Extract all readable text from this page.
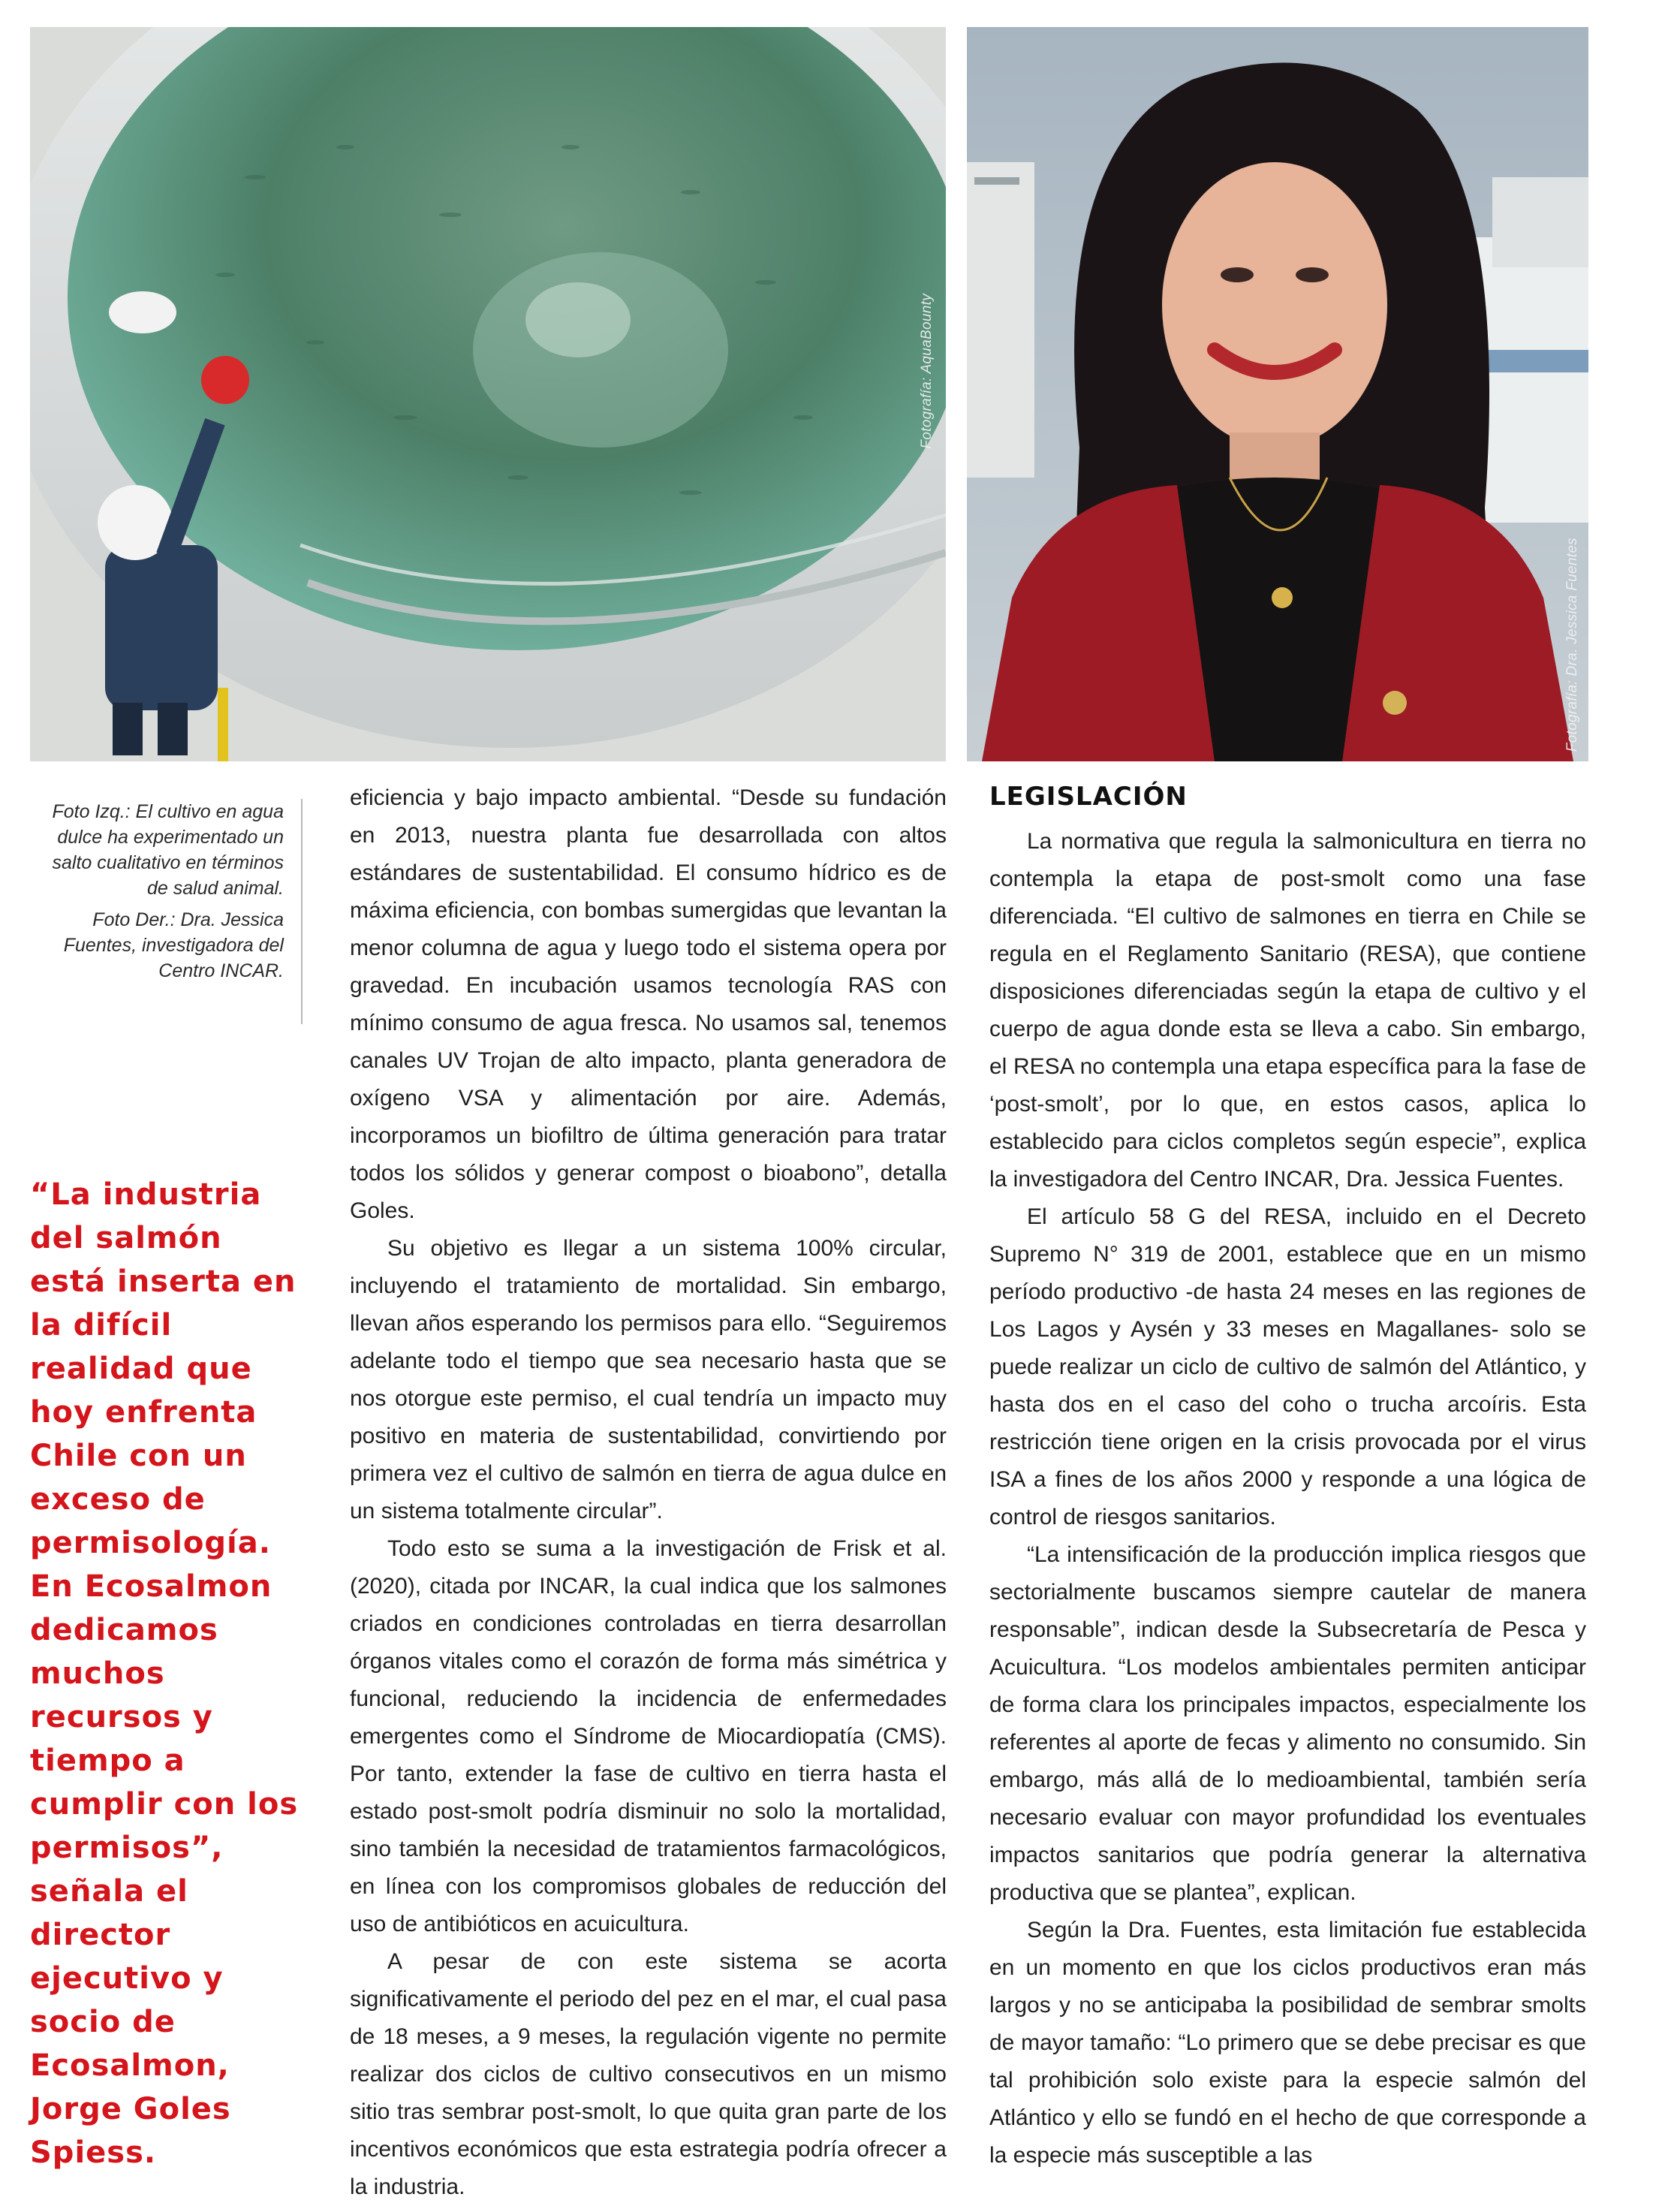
Fotografía: AquaBounty
Fotografía: Dra. Jessica Fuentes

Foto Izq.: El cultivo en agua dulce ha experimentado un salto cualitativo en términos de salud animal.

Foto Der.: Dra. Jessica Fuentes, investigadora del Centro INCAR.

“La industria del salmón está inserta en la difícil realidad que hoy enfrenta Chile con un exceso de permisología. En Ecosalmon dedicamos muchos recursos y tiempo a cumplir con los permisos”, señala el director ejecutivo y socio de Ecosalmon, Jorge Goles Spiess.

eficiencia y bajo impacto ambiental. “Desde su fundación en 2013, nuestra planta fue desarrollada con altos estándares de sustentabilidad. El consumo hídrico es de máxima eficiencia, con bombas sumergidas que levantan la menor columna de agua y luego todo el sistema opera por gravedad. En incubación usamos tecnología RAS con mínimo consumo de agua fresca. No usamos sal, tenemos canales UV Trojan de alto impacto, planta generadora de oxígeno VSA y alimentación por aire. Además, incorporamos un biofiltro de última generación para tratar todos los sólidos y generar compost o bioabono”, detalla Goles.

Su objetivo es llegar a un sistema 100% circular, incluyendo el tratamiento de mortalidad. Sin embargo, llevan años esperando los permisos para ello. “Seguiremos adelante todo el tiempo que sea necesario hasta que se nos otorgue este permiso, el cual tendría un impacto muy positivo en materia de sustentabilidad, convirtiendo por primera vez el cultivo de salmón en tierra de agua dulce en un sistema totalmente circular”.

Todo esto se suma a la investigación de Frisk et al. (2020), citada por INCAR, la cual indica que los salmones criados en condiciones controladas en tierra desarrollan órganos vitales como el corazón de forma más simétrica y funcional, reduciendo la incidencia de enfermedades emergentes como el Síndrome de Miocardiopatía (CMS). Por tanto, extender la fase de cultivo en tierra hasta el estado post-smolt podría disminuir no solo la mortalidad, sino también la necesidad de tratamientos farmacológicos, en línea con los compromisos globales de reducción del uso de antibióticos en acuicultura.

A pesar de con este sistema se acorta significativamente el periodo del pez en el mar, el cual pasa de 18 meses, a 9 meses, la regulación vigente no permite realizar dos ciclos de cultivo consecutivos en un mismo sitio tras sembrar post-smolt, lo que quita gran parte de los incentivos económicos que esta estrategia podría ofrecer a la industria.

LEGISLACIÓN

La normativa que regula la salmonicultura en tierra no contempla la etapa de post-smolt como una fase diferenciada. “El cultivo de salmones en tierra en Chile se regula en el Reglamento Sanitario (RESA), que contiene disposiciones diferenciadas según la etapa de cultivo y el cuerpo de agua donde esta se lleva a cabo. Sin embargo, el RESA no contempla una etapa específica para la fase de ‘post-smolt’, por lo que, en estos casos, aplica lo establecido para ciclos completos según especie”, explica la investigadora del Centro INCAR, Dra. Jessica Fuentes.

El artículo 58 G del RESA, incluido en el Decreto Supremo N° 319 de 2001, establece que en un mismo período productivo -de hasta 24 meses en las regiones de Los Lagos y Aysén y 33 meses en Magallanes- solo se puede realizar un ciclo de cultivo de salmón del Atlántico, y hasta dos en el caso del coho o trucha arcoíris. Esta restricción tiene origen en la crisis provocada por el virus ISA a fines de los años 2000 y responde a una lógica de control de riesgos sanitarios.

“La intensificación de la producción implica riesgos que sectorialmente buscamos siempre cautelar de manera responsable”, indican desde la Subsecretaría de Pesca y Acuicultura. “Los modelos ambientales permiten anticipar de forma clara los principales impactos, especialmente los referentes al aporte de fecas y alimento no consumido. Sin embargo, más allá de lo medioambiental, también sería necesario evaluar con mayor profundidad los eventuales impactos sanitarios que podría generar la alternativa productiva que se plantea”, explican.

Según la Dra. Fuentes, esta limitación fue establecida en un momento en que los ciclos productivos eran más largos y no se anticipaba la posibilidad de sembrar smolts de mayor tamaño: “Lo primero que se debe precisar es que tal prohibición solo existe para la especie salmón del Atlántico y ello se fundó en el hecho de que corresponde a la especie más susceptible a las
